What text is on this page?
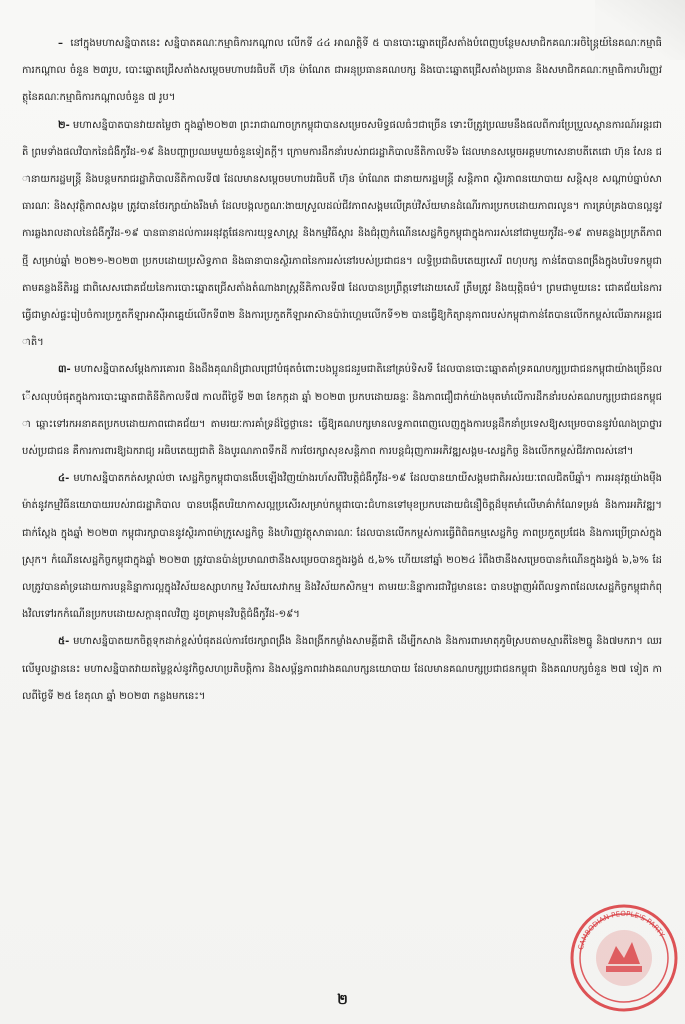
– នៅក្នុងមហាសន្និបាតនេះ សន្និបាតគណៈកម្មាធិការកណ្តាល លើកទី ៤៤ អាណត្តិទី ៥ បានបោះឆ្នោតជ្រើសតាំងបំពេញបន្ថែមសមាជិកគណៈអចិន្ត្រៃយ៍នៃគណៈកម្មាធិការកណ្តាល ចំនួន ២៣រូប, បោះឆ្នោតជ្រើសតាំងសម្តេចមហាបវរធិបតី ហ៊ុន ម៉ាណែត ជាអនុប្រធានគណបក្ស និងបោះឆ្នោតជ្រើសតាំងប្រធាន និងសមាជិកគណៈកម្មាធិការហិរញ្ញវត្ថុនៃគណៈកម្មាធិការកណ្តាលចំនួន ៧ រូប។

២- មហាសន្និបាតបានវាយតម្លៃថា ក្នុងឆ្នាំ២០២៣ ព្រះរាជាណាចក្រកម្ពុជាបានសម្រេចសមិទ្ធផលធំៗជាច្រើន ទោះបីត្រូវប្រឈមនឹងផលពីការប្រែប្រួលស្ថានការណ៍អន្តរជាតិ ព្រមទាំងផលវិបាកនៃជំងឺកូវីដ-១៩ និងបញ្ហាប្រឈមមួយចំនួនទៀតក្តី។ ក្រោមការដឹកនាំរបស់រាជរដ្ឋាភិបាលនីតិកាលទី៦ ដែលមានសម្តេចអគ្គមហាសេនាបតីតេជោ ហ៊ុន សែន ជានាយករដ្ឋមន្ត្រី និងបន្តមករាជរដ្ឋាភិបាលនីតិកាលទី៧ ដែលមានសម្តេចមហាបវរធិបតី ហ៊ុន ម៉ាណែត ជានាយករដ្ឋមន្ត្រី សន្តិភាព ស្ថិរភាពនយោបាយ សន្តិសុខ សណ្តាប់ធ្នាប់សាធារណៈ និងសុវត្ថិភាពសង្គម ត្រូវបានថែរក្សាយ៉ាងរឹងមាំ ដែលបង្កលក្ខណៈងាយស្រួលដល់ជីវភាពសង្គមលើគ្រប់វិស័យមានដំណើរការប្រកបដោយភាពរលូន។ ការគ្រប់គ្រងបានល្អនូវការឆ្លងរាលដាលនៃជំងឺកូវីដ-១៩ បានធានាដល់ការអនុវត្តផែនការយុទ្ធសាស្ត្រ និងកម្មវិធីស្តារ និងជំរុញកំណើនសេដ្ឋកិច្ចកម្ពុជាក្នុងការរស់នៅជាមួយកូវីដ-១៩ តាមគន្លងប្រក្រតីភាពថ្មី សម្រាប់ឆ្នាំ ២០២១-២០២៣ ប្រកបដោយប្រសិទ្ធភាព និងធានាបានស្ថិរភាពនៃការរស់នៅរបស់ប្រជាជន។ លទ្ធិប្រជាធិបតេយ្យសេរី ពហុបក្ស កាន់តែបានពង្រឹងក្នុងបរិបទកម្ពុជា តាមគន្លងនីតិរដ្ឋ ជាពិសេសជោគជ័យនៃការបោះឆ្នោតជ្រើសតាំងតំណាងរាស្ត្រនីតិកាលទី៧ ដែលបានប្រព្រឹត្តទៅដោយសេរី ត្រឹមត្រូវ និងយុត្តិធម៌។ ព្រមជាមួយនេះ ជោគជ័យនៃការធ្វើជាម្ចាស់ផ្ទះរៀបចំការប្រកួតកីឡាអាស៊ីអាគ្នេយ៍លើកទី៣២ និងការប្រកួតកីឡាអាស៊ានប៉ារ៉ាហ្គេមលើកទី១២ បានធ្វើឱ្យកិត្យានុភាពរបស់កម្ពុជាកាន់តែបានលើកកម្ពស់លើឆាកអន្តរជាតិ។

៣- មហាសន្និបាតសម្តែងការគោរព និងដឹងគុណដ៏ជ្រាលជ្រៅបំផុតចំពោះបងប្អូនជនរួមជាតិនៅគ្រប់ទិសទី ដែលបានបោះឆ្នោតគាំទ្រគណបក្សប្រជាជនកម្ពុជាយ៉ាងច្រើនលើសលុបបំផុតក្នុងការបោះឆ្នោតជាតិនីតិកាលទី៧ កាលពីថ្ងៃទី ២៣ ខែកក្កដា ឆ្នាំ ២០២៣ ប្រកបដោយឆន្ទៈ និងភាពជឿជាក់យ៉ាងមុតមាំលើការដឹកនាំរបស់គណបក្សប្រជាជនកម្ពុជា ឆ្ពោះទៅរកអនាគតប្រកបដោយភាពជោគជ័យ។ តាមរយៈការគាំទ្រដ៏ថ្លៃថ្លានេះ ធ្វើឱ្យគណបក្សមានលទ្ធភាពពេញលេញក្នុងការបន្តដឹកនាំប្រទេសឱ្យសម្រេចបាននូវបំណងប្រាថ្នារបស់ប្រជាជន គឺការការពារឱ្យឯករាជ្យ អធិបតេយ្យជាតិ និងបូរណភាពទឹកដី ការថែរក្សាសុខសន្តិភាព ការបន្តជំរុញការអភិវឌ្ឍសង្គម-សេដ្ឋកិច្ច និងលើកកម្ពស់ជីវភាពរស់នៅ។

៤- មហាសន្និបាតកត់សម្គាល់ថា សេដ្ឋកិច្ចកម្ពុជាបានងើបឡើងវិញយ៉ាងរហ័សពីវិបត្តិជំងឺកូវីដ-១៩ ដែលបានយាយីសង្គមជាតិអស់រយៈពេលជិតបីឆ្នាំ។ ការអនុវត្តយ៉ាងម៉ឺងម៉ាត់នូវកម្មវិធីនយោបាយរបស់រាជរដ្ឋាភិបាល បានបង្កើតបរិយាកាសល្អប្រសើរសម្រាប់កម្ពុជាបោះជំហានទៅមុខប្រកបដោយជំនឿចិត្តដ៏មុតមាំលើមាគ៌ាកំណែទម្រង់ និងការអភិវឌ្ឍ។ ជាក់ស្តែង ក្នុងឆ្នាំ ២០២៣ កម្ពុជារក្សាបាននូវស្ថិរភាពម៉ាក្រូសេដ្ឋកិច្ច និងហិរញ្ញវត្ថុសាធារណៈ ដែលបានលើកកម្ពស់ការធ្វើពិពិធកម្មសេដ្ឋកិច្ច ភាពប្រកួតប្រជែង និងការប្រើប្រាស់ក្នុងស្រុក។ កំណើនសេដ្ឋកិច្ចកម្ពុជាក្នុងឆ្នាំ ២០២៣ ត្រូវបានប៉ាន់ប្រមាណថានឹងសម្រេចបានក្នុងរង្វង់ ៥,៦% ហើយនៅឆ្នាំ ២០២៤ រំពឹងថានឹងសម្រេចបានកំណើនក្នុងរង្វង់ ៦,៦% ដែលត្រូវបានគាំទ្រដោយការបន្តនិន្នាការល្អក្នុងវិស័យឧស្សាហកម្ម វិស័យសេវាកម្ម និងវិស័យកសិកម្ម។ តាមរយៈនិន្នាការជាវិជ្ជមាននេះ បានបង្ហាញអំពីលទ្ធភាពដែលសេដ្ឋកិច្ចកម្ពុជាកំពុងវិលទៅរកកំណើនប្រកបដោយសក្តានុពលវិញ ដូចគ្រាមុនវិបត្តិជំងឺកូវីដ-១៩។

៥- មហាសន្និបាតយកចិត្តទុកដាក់ខ្ពស់បំផុតដល់ការថែរក្សាពង្រឹង និងពង្រីកកម្លាំងសាមគ្គីជាតិ ដើម្បីកសាង និងការពារមាតុភូមិស្របតាមស្មារតីនៃ២ធ្នូ និង៧មករា។ ឈរលើមូលដ្ឋាននេះ មហាសន្និបាតវាយតម្លៃខ្ពស់នូវកិច្ចសហប្រតិបត្តិការ និងសម្ព័ន្ធភាពរវាងគណបក្សនយោបាយ ដែលមានគណបក្សប្រជាជនកម្ពុជា និងគណបក្សចំនួន ២៧ ទៀត កាលពីថ្ងៃទី ២៥ ខែតុលា ឆ្នាំ ២០២៣ កន្លងមកនេះ។

CAMBODIAN PEOPLE'S PARTY
២
